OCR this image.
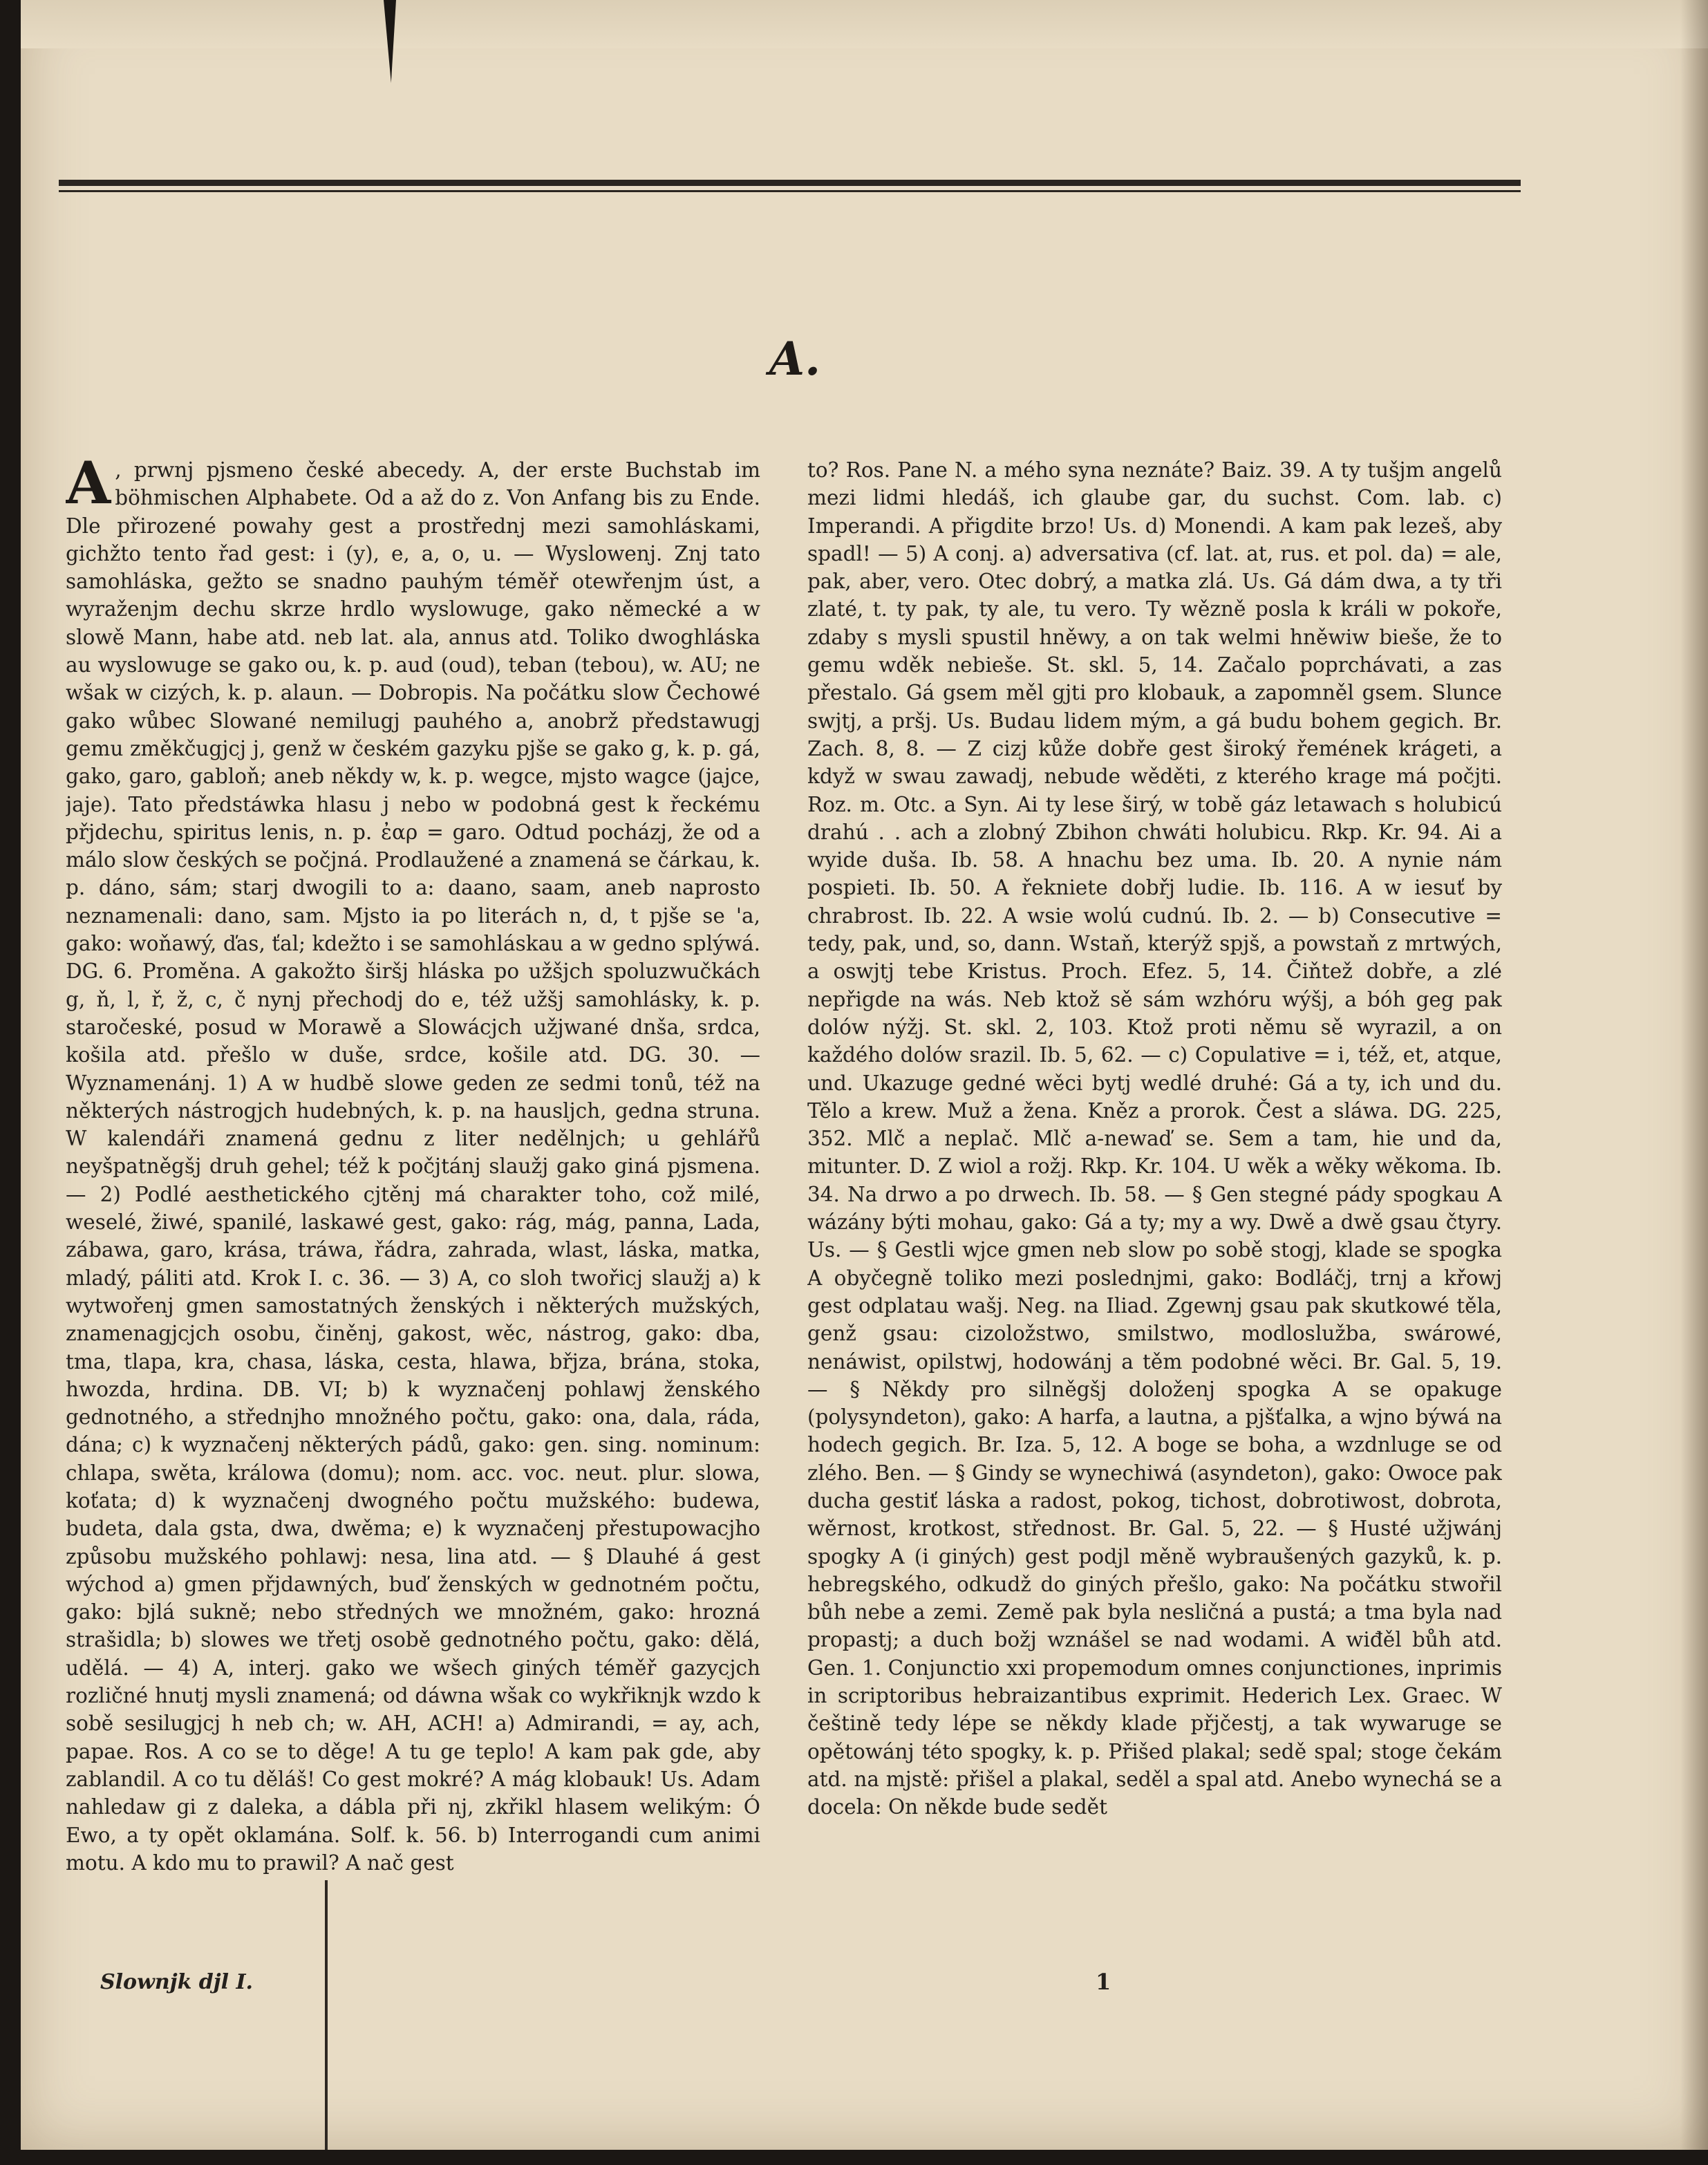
A.
A , prwnj pjsmeno české abecedy. A, der erste Buchstab im böhmischen Alphabete. Od a až do z. Von Anfang bis zu Ende. Dle přirozené powahy gest a prostřednj mezi samohláskami, gichžto tento řad gest: i (y), e, a, o, u. — Wyslowenj. Znj tato samohláska, gežto se snadno pauhým téměř otewřenjm úst, a wyraženjm dechu skrze hrdlo wyslowuge, gako německé a w slowě Mann, habe atd. neb lat. ala, annus atd. Toliko dwoghláska au wyslowuge se gako ou, k. p. aud (oud), teban (tebou), w. AU; ne wšak w cizých, k. p. alaun. — Dobropis. Na počátku slow Čechowé gako wůbec Slowané nemilugj pauhého a, anobrž předstawugj gemu změkčugjcj j, genž w českém gazyku pjše se gako g, k. p. gá, gako, garo, gabloň; aneb někdy w, k. p. wegce, mjsto wagce (jajce, jaje). Tato předstáwka hlasu j nebo w podobná gest k řeckému přjdechu, spiritus lenis, n. p. ἐαρ = garo. Odtud pocházj, že od a málo slow českých se počjná. Prodlaužené a znamená se čárkau, k. p. dáno, sám; starj dwogili to a: daano, saam, aneb naprosto neznamenali: dano, sam. Mjsto ia po literách n, d, t pjše se 'a, gako: woňawý, ďas, ťal; kdežto i se samohláskau a w gedno splýwá. DG. 6. Proměna. A gakožto širšj hláska po užšjch spoluzwučkách g, ň, l, ř, ž, c, č nynj přechodj do e, též užšj samohlásky, k. p. staročeské, posud w Morawě a Slowácjch užjwané dnša, srdca, košila atd. přešlo w duše, srdce, košile atd. DG. 30. — Wyznamenánj. 1) A w hudbě slowe geden ze sedmi tonů, též na některých nástrogjch hudebných, k. p. na hausljch, gedna struna. W kalendáři znamená gednu z liter nedělnjch; u gehlářů neyšpatněgšj druh gehel; též k počjtánj slaužj gako giná pjsmena. — 2) Podlé aesthetického cjtěnj má charakter toho, což milé, weselé, žiwé, spanilé, laskawé gest, gako: rág, mág, panna, Lada, zábawa, garo, krása, tráwa, řádra, zahrada, wlast, láska, matka, mladý, páliti atd. Krok I. c. 36. — 3) A, co sloh twořicj slaužj a) k wytwořenj gmen samostatných ženských i některých mužských, znamenagjcjch osobu, činěnj, gakost, wěc, nástrog, gako: dba, tma, tlapa, kra, chasa, láska, cesta, hlawa, břjza, brána, stoka, hwozda, hrdina. DB. VI; b) k wyznačenj pohlawj ženského gednotného, a střednjho množného počtu, gako: ona, dala, ráda, dána; c) k wyznačenj některých pádů, gako: gen. sing. nominum: chlapa, swěta, králowa (domu); nom. acc. voc. neut. plur. slowa, koťata; d) k wyznačenj dwogného počtu mužského: budewa, budeta, dala gsta, dwa, dwěma; e) k wyznačenj přestupowacjho způsobu mužského pohlawj: nesa, lina atd. — § Dlauhé á gest wýchod a) gmen přjdawných, buď ženských w gednotném počtu, gako: bjlá sukně; nebo středných we množném, gako: hrozná strašidla; b) slowes we třetj osobě gednotného počtu, gako: dělá, udělá. — 4) A, interj. gako we wšech giných téměř gazycjch rozličné hnutj mysli znamená; od dáwna wšak co wykřiknjk wzdo k sobě sesilugjcj h neb ch; w. AH, ACH! a) Admirandi, = ay, ach, papae. Ros. A co se to děge! A tu ge teplo! A kam pak gde, aby zablandil. A co tu děláš! Co gest mokré? A mág klobauk! Us. Adam nahledaw gi z daleka, a dábla při nj, zkřikl hlasem welikým: Ó Ewo, a ty opět oklamána. Solf. k. 56. b) Interrogandi cum animi motu. A kdo mu to prawil? A nač gest
to? Ros. Pane N. a mého syna neznáte? Baiz. 39. A ty tušjm angelů mezi lidmi hledáš, ich glaube gar, du suchst. Com. lab. c) Imperandi. A přigdi̇te brzo! Us. d) Monendi. A kam pak lezeš, aby spadl! — 5) A conj. a) adversativa (cf. lat. at, rus. et pol. da) = ale, pak, aber, vero. Otec dobrý, a matka zlá. Us. Gá dám dwa, a ty tři zlaté, t. ty pak, ty ale, tu vero. Ty wězně posla k králi w pokoře, zdaby s mysli spustil hněwy, a on tak welmi hněwiw bieše, že to gemu wděk nebieše. St. skl. 5, 14. Začalo poprchávati, a zas přestalo. Gá gsem měl gjti pro klobauk, a zapomněl gsem. Slunce swjtj, a pršj. Us. Budau lidem mým, a gá budu bohem gegich. Br. Zach. 8, 8. — Z cizj kůže dobře gest široký řemének krágeti, a když w swau zawadj, nebude wěděti, z kterého krage má počjti. Roz. m. Otc. a Syn. Ai ty lese širý, w tobě gáz letawach s holubicú drahú . . ach a zlobný Zbihon chwáti holubicu. Rkp. Kr. 94. Ai a wyide duša. Ib. 58. A hnachu bez uma. Ib. 20. A nynie nám pospieti. Ib. 50. A řekniete dobřj ludie. Ib. 116. A w iesuť by chrabrost. Ib. 22. A wsie wolú cudnú. Ib. 2. — b) Consecutive = tedy, pak, und, so, dann. Wstaň, kterýž spjš, a powstaň z mrtwých, a oswjtj tebe Kristus. Proch. Efez. 5, 14. Čiňtež dobře, a zlé nepřigde na wás. Neb ktož sě sám wzhóru wýšj, a bóh geg pak dolów nýžj. St. skl. 2, 103. Ktož proti němu sě wyrazil, a on každého dolów srazil. Ib. 5, 62. — c) Copulative = i, též, et, atque, und. Ukazuge gedné wěci bytj wedlé druhé: Gá a ty, ich und du. Tělo a krew. Muž a žena. Kněz a prorok. Čest a sláwa. DG. 225, 352. Mlč a neplač. Mlč a-newaď se. Sem a tam, hie und da, mitunter. D. Z wiol a rožj. Rkp. Kr. 104. U wěk a wěky wěkoma. Ib. 34. Na drwo a po drwech. Ib. 58. — § Gen stegné pády spogkau A wázány býti mohau, gako: Gá a ty; my a wy. Dwě a dwě gsau čtyry. Us. — § Gestli wjce gmen neb slow po sobě stogj, klade se spogka A obyčegně toliko mezi poslednjmi, gako: Bodláčj, trnj a křowj gest odplatau wašj. Neg. na Iliad. Zgewnj gsau pak skutkowé těla, genž gsau: cizoložstwo, smilstwo, modloslužba, swárowé, nenáwist, opilstwj, hodowánj a těm podobné wěci. Br. Gal. 5, 19. — § Někdy pro silněgšj doloženj spogka A se opakuge (polysyndeton), gako: A harfa, a lautna, a pjšťalka, a wjno býwá na hodech gegich. Br. Iza. 5, 12. A boge se boha, a wzdnluge se od zlého. Ben. — § Gindy se wynechiwá (asyndeton), gako: Owoce pak ducha gestiť láska a radost, pokog, tichost, dobrotiwost, dobrota, wěrnost, krotkost, střednost. Br. Gal. 5, 22. — § Husté užjwánj spogky A (i giných) gest podjl měně wybraušených gazyků, k. p. hebregského, odkudž do giných přešlo, gako: Na počátku stwořil bůh nebe a zemi. Země pak byla nesličná a pustá; a tma byla nad propastj; a duch božj wznášel se nad wodami. A wiđěl bůh atd. Gen. 1. Conjunctio xxi propemodum omnes conjunctiones, inprimis in scriptoribus hebraizantibus exprimit. Hederich Lex. Graec. W češtině tedy lépe se někdy klade přjčestj, a tak wywaruge se opětowánj této spogky, k. p. Přišed plakal; sedě spal; stoge čekám atd. na mjstě: přišel a plakal, seděl a spal atd. Anebo wynechá se a docela: On někde bude sedět
Slownjk djl I.	1
